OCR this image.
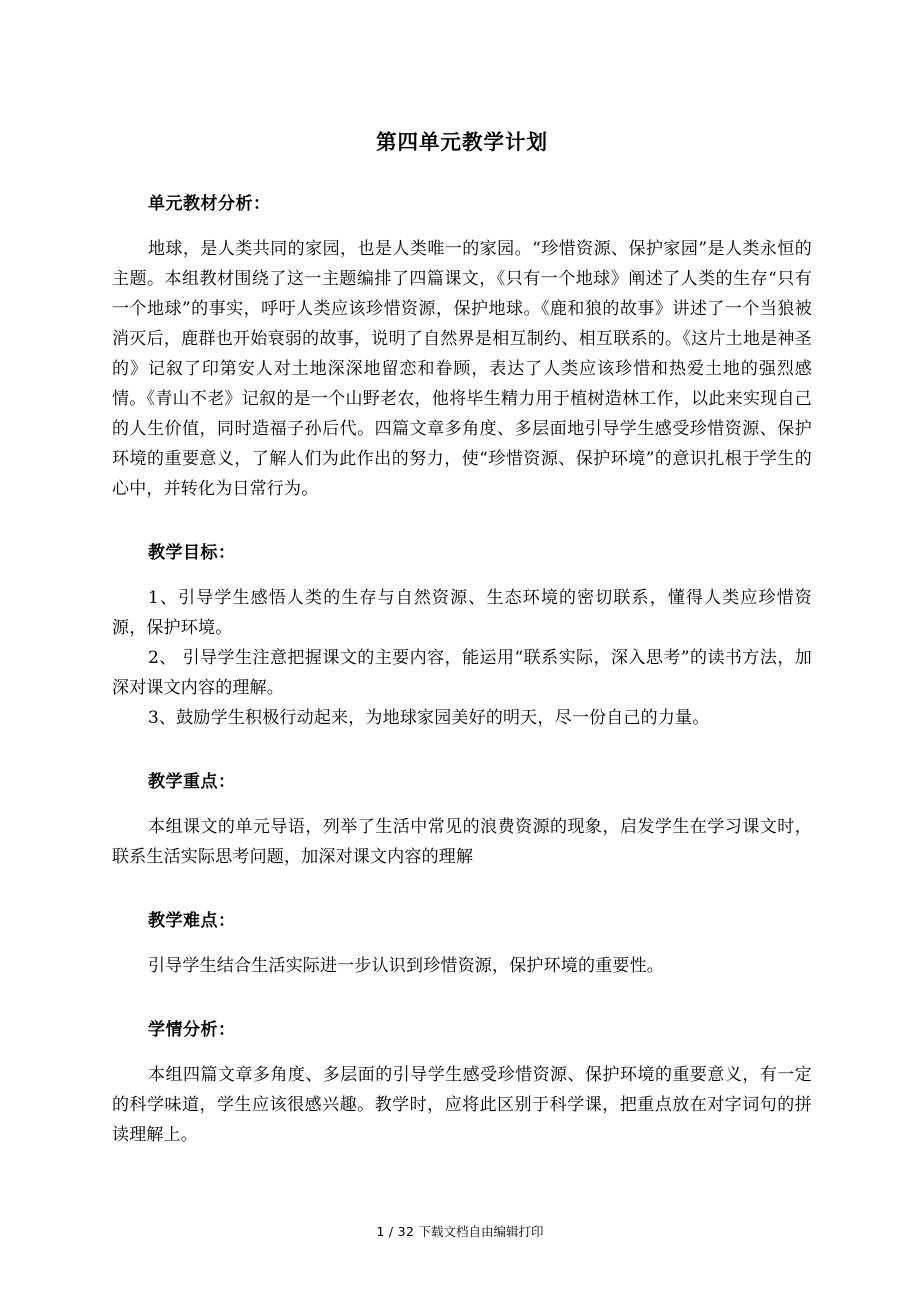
第四单元教学计划
单元教材分析：
地球，是人类共同的家园，也是人类唯一的家园。“珍惜资源、保护家园”是人类永恒的主题。本组教材围绕了这一主题编排了四篇课文，《只有一个地球》阐述了人类的生存“只有一个地球”的事实，呼吁人类应该珍惜资源，保护地球。《鹿和狼的故事》讲述了一个当狼被消灭后，鹿群也开始衰弱的故事，说明了自然界是相互制约、相互联系的。《这片土地是神圣的》记叙了印第安人对土地深深地留恋和眷顾，表达了人类应该珍惜和热爱土地的强烈感情。《青山不老》记叙的是一个山野老农，他将毕生精力用于植树造林工作，以此来实现自己的人生价值，同时造福子孙后代。四篇文章多角度、多层面地引导学生感受珍惜资源、保护环境的重要意义，了解人们为此作出的努力，使“珍惜资源、保护环境”的意识扎根于学生的心中，并转化为日常行为。
教学目标：
1、引导学生感悟人类的生存与自然资源、生态环境的密切联系，懂得人类应珍惜资源，保护环境。
2、 引导学生注意把握课文的主要内容，能运用“联系实际，深入思考”的读书方法，加深对课文内容的理解。
3、鼓励学生积极行动起来，为地球家园美好的明天，尽一份自己的力量。
教学重点：
本组课文的单元导语，列举了生活中常见的浪费资源的现象，启发学生在学习课文时，联系生活实际思考问题，加深对课文内容的理解
教学难点：
引导学生结合生活实际进一步认识到珍惜资源，保护环境的重要性。
学情分析：
本组四篇文章多角度、多层面的引导学生感受珍惜资源、保护环境的重要意义，有一定的科学味道，学生应该很感兴趣。教学时，应将此区别于科学课，把重点放在对字词句的拼读理解上。
1 / 32 下载文档自由编辑打印
